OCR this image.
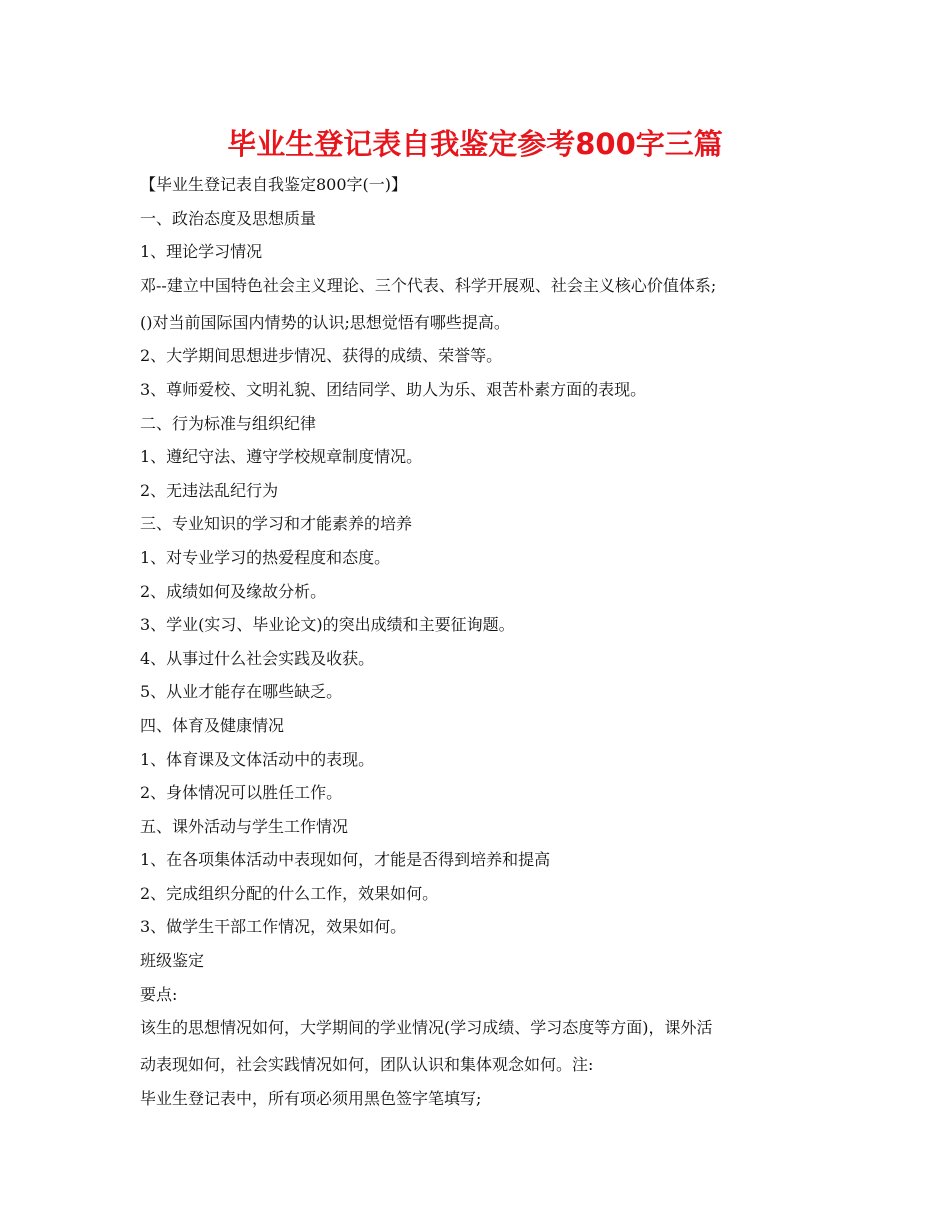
毕业生登记表自我鉴定参考800字三篇
【毕业生登记表自我鉴定800字(一)】
一、政治态度及思想质量
1、理论学习情况
邓--建立中国特色社会主义理论、三个代表、科学开展观、社会主义核心价值体系;
()对当前国际国内情势的认识;思想觉悟有哪些提高。
2、大学期间思想进步情况、获得的成绩、荣誉等。
3、尊师爱校、文明礼貌、团结同学、助人为乐、艰苦朴素方面的表现。
二、行为标准与组织纪律
1、遵纪守法、遵守学校规章制度情况。
2、无违法乱纪行为
三、专业知识的学习和才能素养的培养
1、对专业学习的热爱程度和态度。
2、成绩如何及缘故分析。
3、学业(实习、毕业论文)的突出成绩和主要征询题。
4、从事过什么社会实践及收获。
5、从业才能存在哪些缺乏。
四、体育及健康情况
1、体育课及文体活动中的表现。
2、身体情况可以胜任工作。
五、课外活动与学生工作情况
1、在各项集体活动中表现如何，才能是否得到培养和提高
2、完成组织分配的什么工作，效果如何。
3、做学生干部工作情况，效果如何。
班级鉴定
要点:
该生的思想情况如何，大学期间的学业情况(学习成绩、学习态度等方面)，课外活
动表现如何，社会实践情况如何，团队认识和集体观念如何。注:
毕业生登记表中，所有项必须用黑色签字笔填写;
